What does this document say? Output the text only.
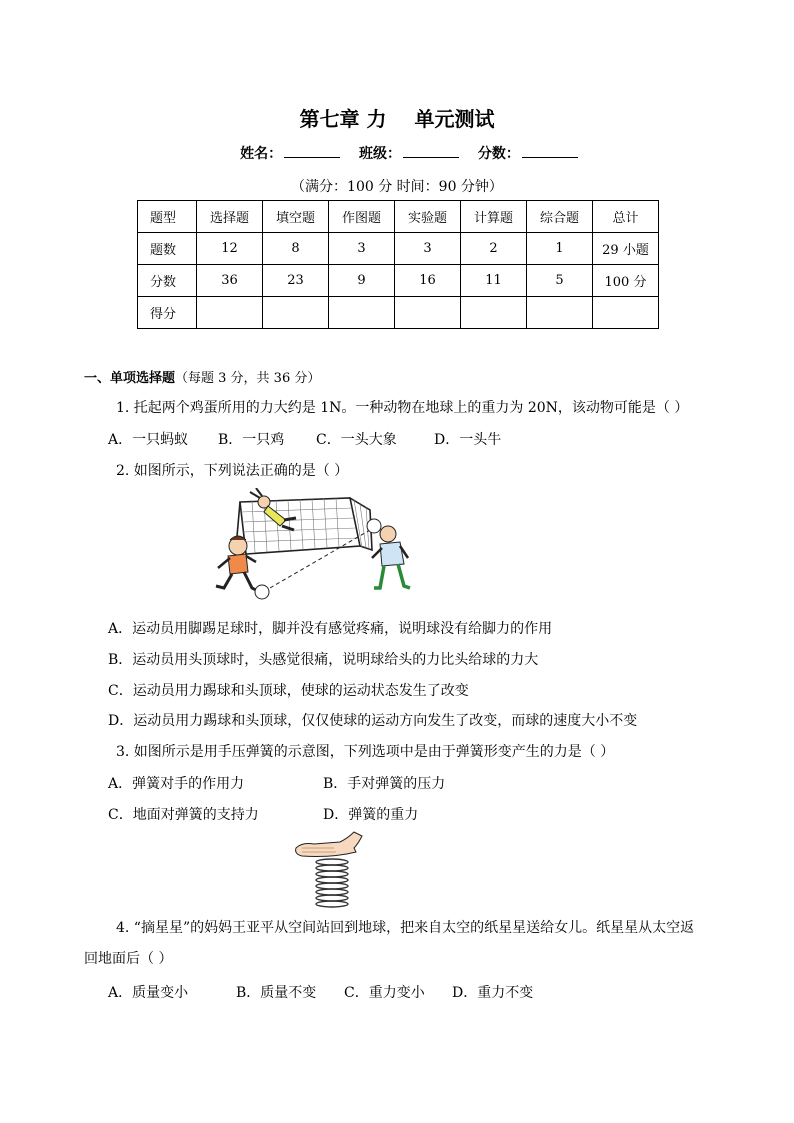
第七章 力 单元测试
姓名：	班级：	分数：
（满分：100 分 时间：90 分钟）
题型	选择题	填空题	作图题	实验题	计算题	综合题	总计
题数	12	8	3	3	2	1	29 小题
分数	36	23	9	16	11	5	100 分
得分							
一、单项选择题（每题 3 分，共 36 分）
1. 托起两个鸡蛋所用的力大约是 1N。一种动物在地球上的重力为 20N，该动物可能是（ ）
A．一只蚂蚁 B．一只鸡 C．一头大象	D．一头牛
2. 如图所示，下列说法正确的是（ ）
A．运动员用脚踢足球时，脚并没有感觉疼痛，说明球没有给脚力的作用
B．运动员用头顶球时，头感觉很痛，说明球给头的力比头给球的力大
C．运动员用力踢球和头顶球，使球的运动状态发生了改变
D．运动员用力踢球和头顶球，仅仅使球的运动方向发生了改变，而球的速度大小不变
3. 如图所示是用手压弹簧的示意图，下列选项中是由于弹簧形变产生的力是（ ）
A．弹簧对手的作用力	B．手对弹簧的压力
C．地面对弹簧的支持力	D．弹簧的重力
4. “摘星星”的妈妈王亚平从空间站回到地球，把来自太空的纸星星送给女儿。纸星星从太空返
回地面后（ ）
A．质量变小	B．质量不变 C．重力变小 D．重力不变
